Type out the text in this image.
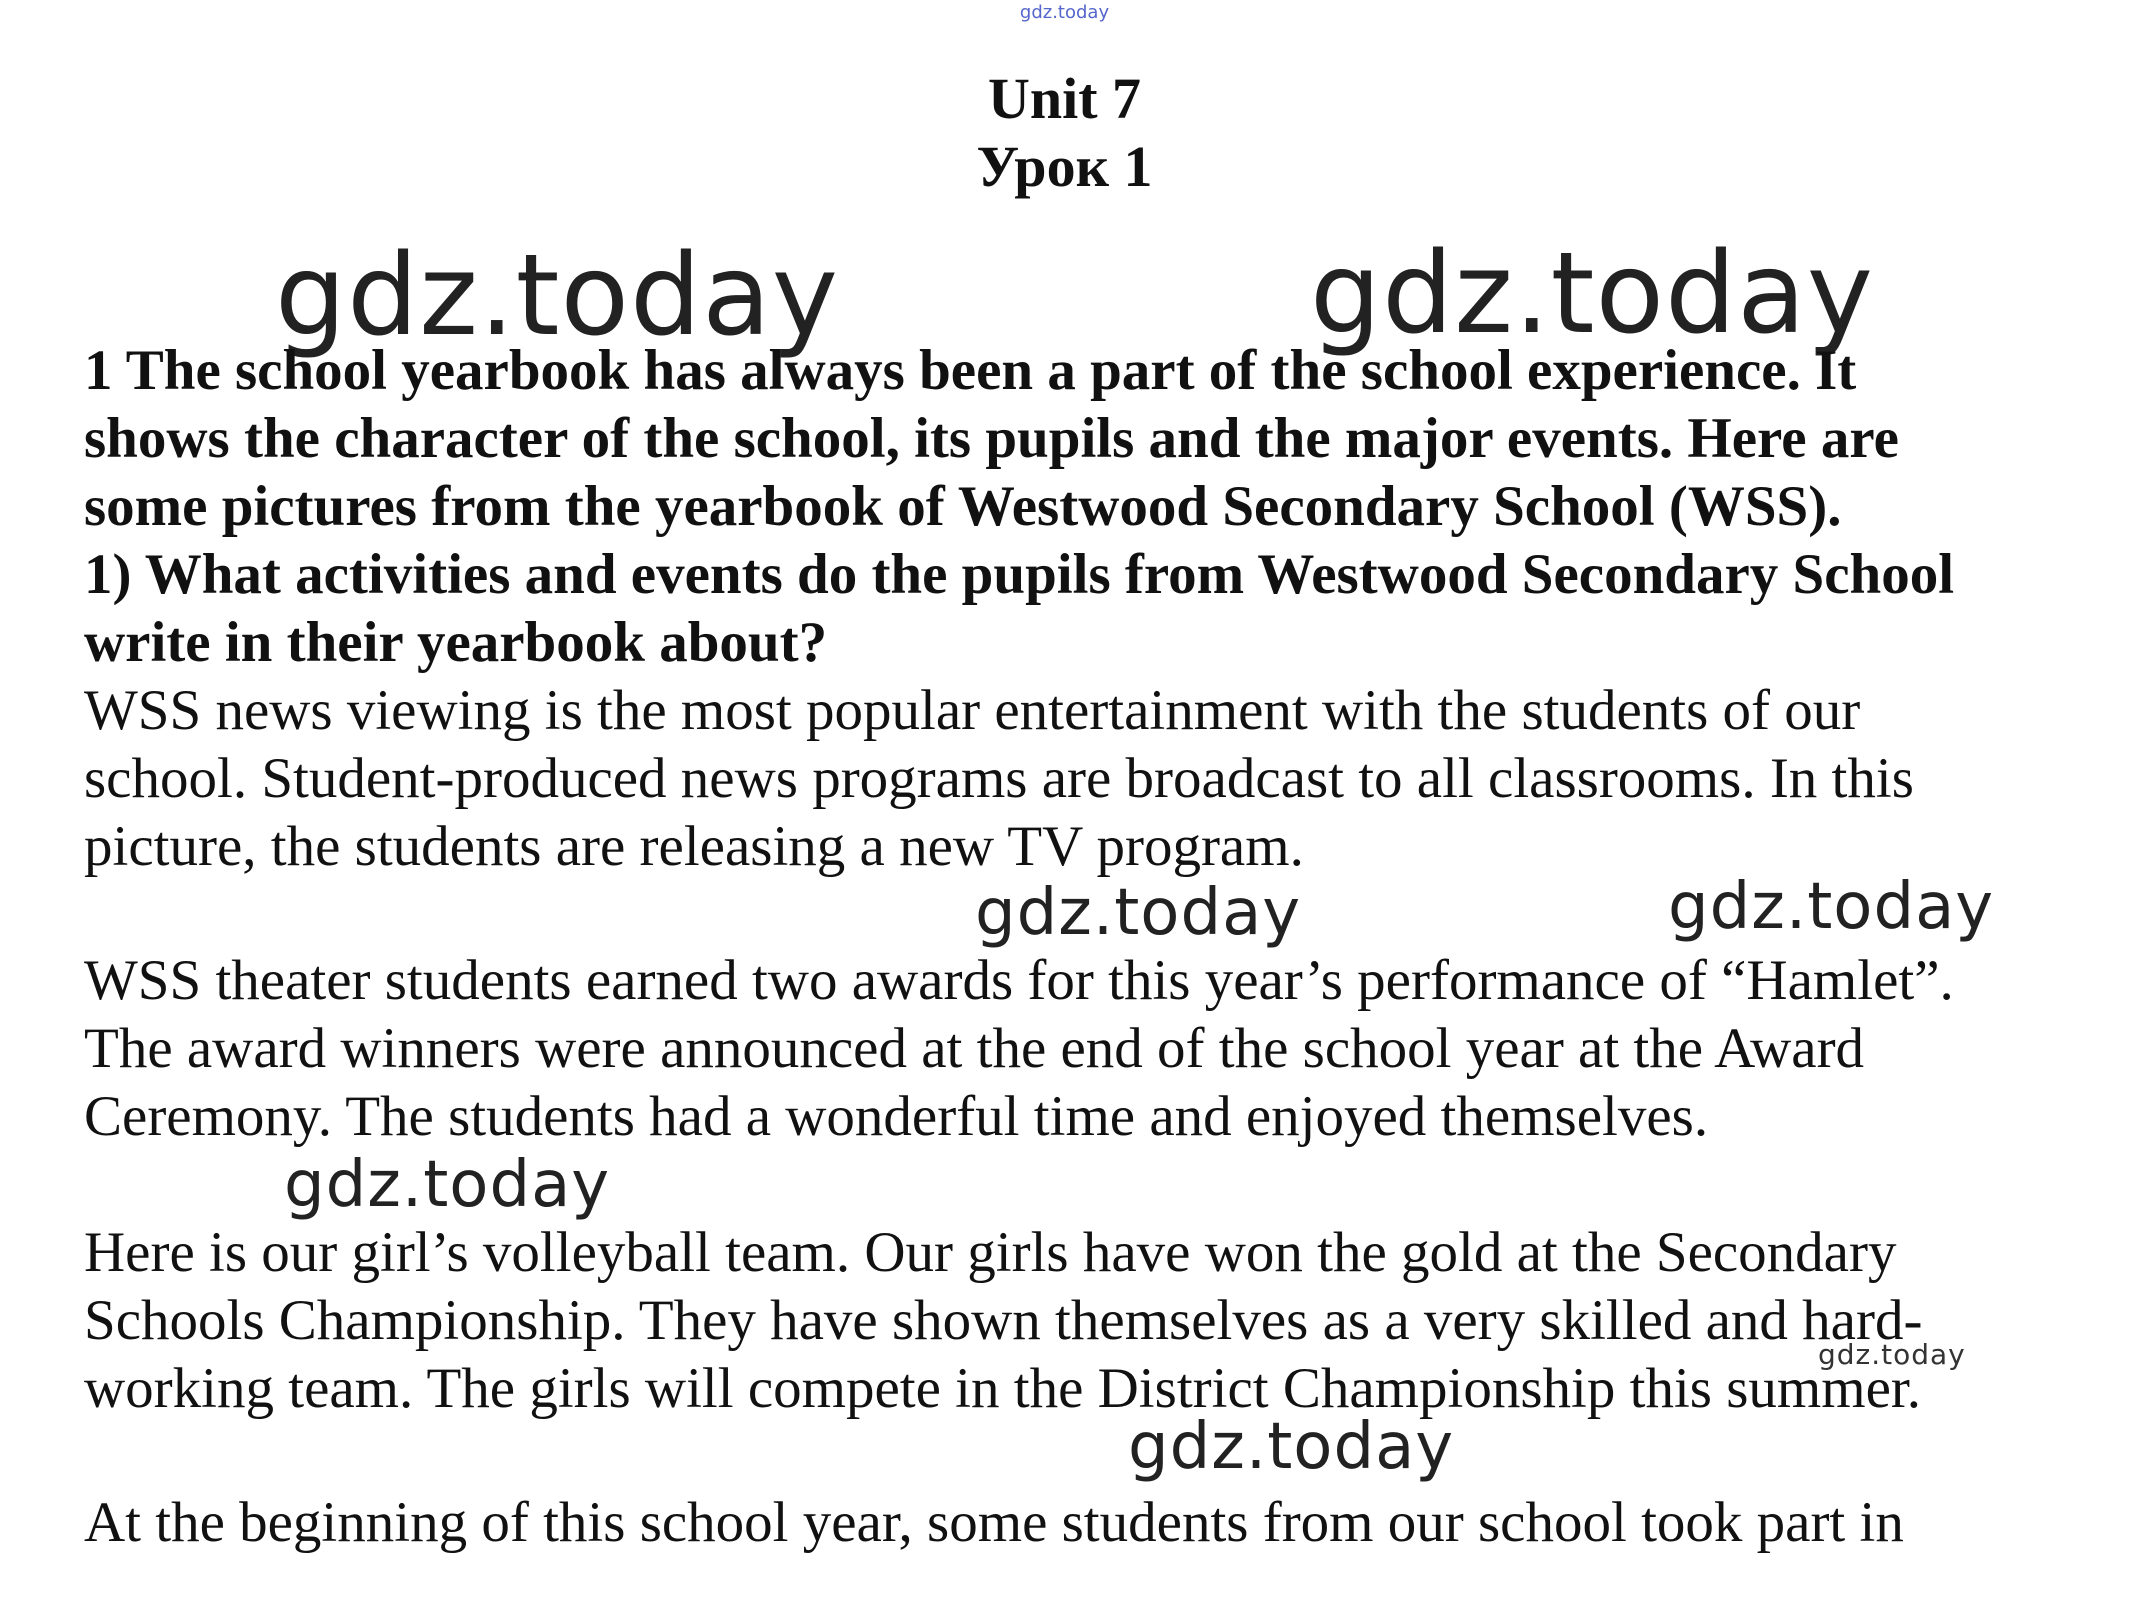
gdz.today
Unit 7
Урок 1
gdz.today	gdz.today
1 The school yearbook has always been a part of the school experience. It
shows the character of the school, its pupils and the major events. Here are
some pictures from the yearbook of Westwood Secondary School (WSS).
1) What activities and events do the pupils from Westwood Secondary School
write in their yearbook about?
WSS news viewing is the most popular entertainment with the students of our
school. Student-produced news programs are broadcast to all classrooms. In this
picture, the students are releasing a new TV program.
gdz.today	gdz.today
WSS theater students earned two awards for this year’s performance of “Hamlet”.
The award winners were announced at the end of the school year at the Award
Ceremony. The students had a wonderful time and enjoyed themselves.
gdz.today
Here is our girl’s volleyball team. Our girls have won the gold at the Secondary
Schools Championship. They have shown themselves as a very skilled and hard-
gdz.today
working team. The girls will compete in the District Championship this summer.
gdz.today
At the beginning of this school year, some students from our school took part in
